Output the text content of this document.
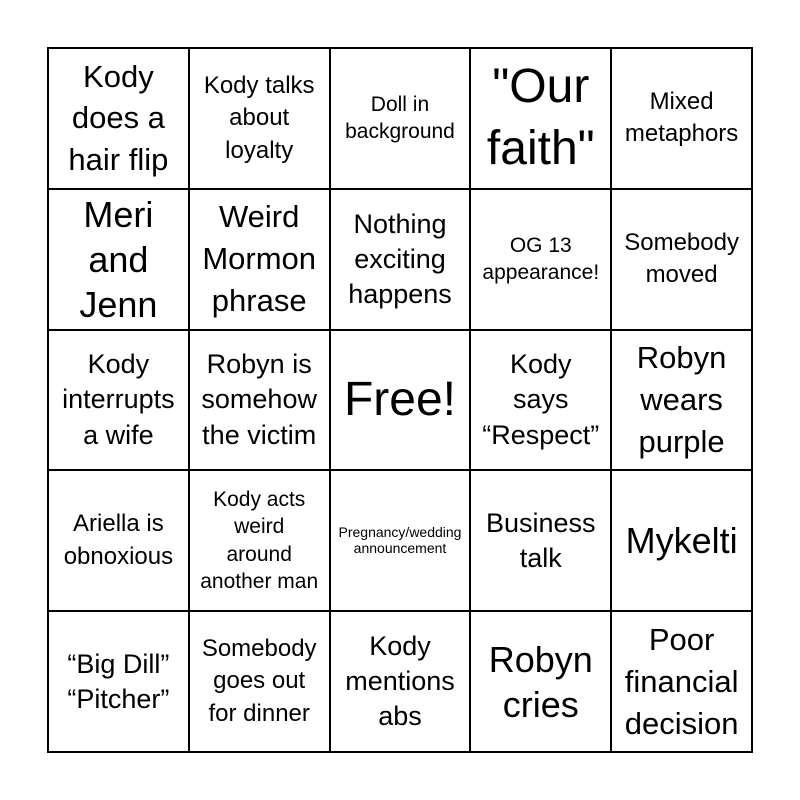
Kody
does a
hair flip
Kody talks
about
loyalty
Doll in
background
"Our
faith"
Mixed
metaphors
Meri
and
Jenn
Weird
Mormon
phrase
Nothing
exciting
happens
OG 13
appearance!
Somebody
moved
Kody
interrupts
a wife
Robyn is
somehow
the victim
Free!
Kody
says
“Respect”
Robyn
wears
purple
Ariella is
obnoxious
Kody acts
weird
around
another man
Pregnancy/wedding
announcement
Business
talk	Mykelti
“Big Dill”
“Pitcher”
Somebody
goes out
for dinner
Kody
mentions
abs
Robyn
cries
Poor
financial
decision
